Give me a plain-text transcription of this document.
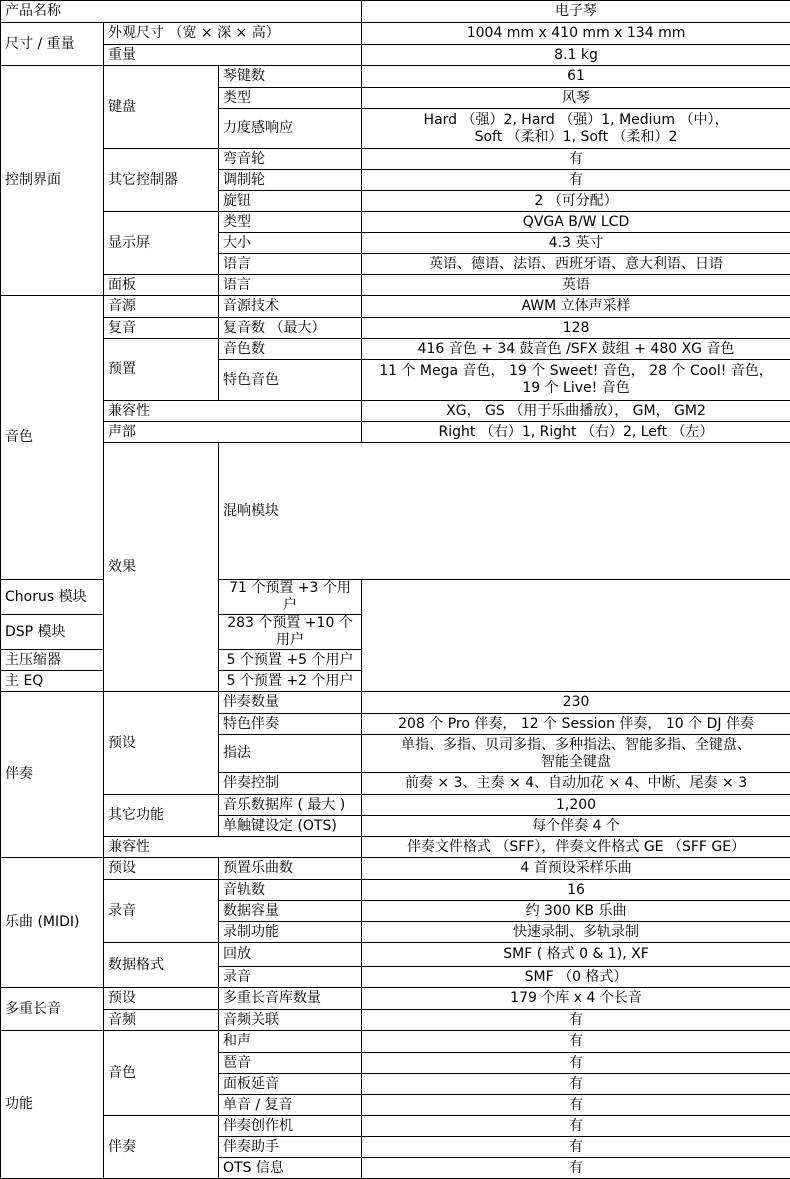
产品名称			电子琴	
尺寸 / 重量	外观尺寸 （宽 × 深 × 高）		1004 mm x 410 mm x 134 mm	
	重量		8.1 kg	
控制界面	键盘	琴键数	61	
		类型	风琴	
		力度感响应	Hard （强）2, Hard （强）1, Medium （中），
Soft （柔和）1, Soft （柔和）2	

	其它控制器	弯音轮	有	
		调制轮	有	
		旋钮	2 （可分配）	
	显示屏	类型	QVGA B/W LCD	
		大小	4.3 英寸	
		语言	英语、德语、法语、西班牙语、意大利语、日语	
	面板	语言	英语	
音色	音源	音源技术	AWM 立体声采样	
	复音	复音数 （最大）	128	
	预置	音色数	416 音色 + 34 鼓音色 /SFX 鼓组 + 480 XG 音色	
		特色音色	11 个 Mega 音色， 19 个 Sweet! 音色， 28 个 Cool! 音色，
19 个 Live! 音色	

	兼容性		XG， GS （用于乐曲播放）， GM， GM2	
	声部		Right （右）1, Right （右）2, Left （左）	
	效果	混响模块	
Chorus 模块		71 个预置 +3 个用户		
DSP 模块		283 个预置 +10 个用户		
主压缩器		5 个预置 +5 个用户		
主 EQ		5 个预置 +2 个用户		
伴奏	预设	伴奏数量	230	
		特色伴奏	208 个 Pro 伴奏， 12 个 Session 伴奏， 10 个 DJ 伴奏	
		指法	单指、多指、贝司多指、多种指法、智能多指、全键盘、
智能全键盘	

		伴奏控制	前奏 × 3、主奏 × 4、自动加花 × 4、中断、尾奏 × 3	
	其它功能	音乐数据库 ( 最大 )	1,200	
		单触键设定 (OTS)	每个伴奏 4 个	
	兼容性		伴奏文件格式 （SFF），伴奏文件格式 GE （SFF GE）	
乐曲 (MIDI)	预设	预置乐曲数	4 首预设采样乐曲	
	录音	音轨数	16	
		数据容量	约 300 KB 乐曲	
		录制功能	快速录制、多轨录制	
	数据格式	回放	SMF ( 格式 0 & 1), XF	
		录音	SMF （0 格式）	
多重长音	预设	多重长音库数量	179 个库 x 4 个长音	
	音频	音频关联	有	
功能	音色	和声	有	
		琶音	有	
		面板延音	有	
		单音 / 复音	有	
	伴奏	伴奏创作机	有	
		伴奏助手	有	
		OTS 信息	有	
